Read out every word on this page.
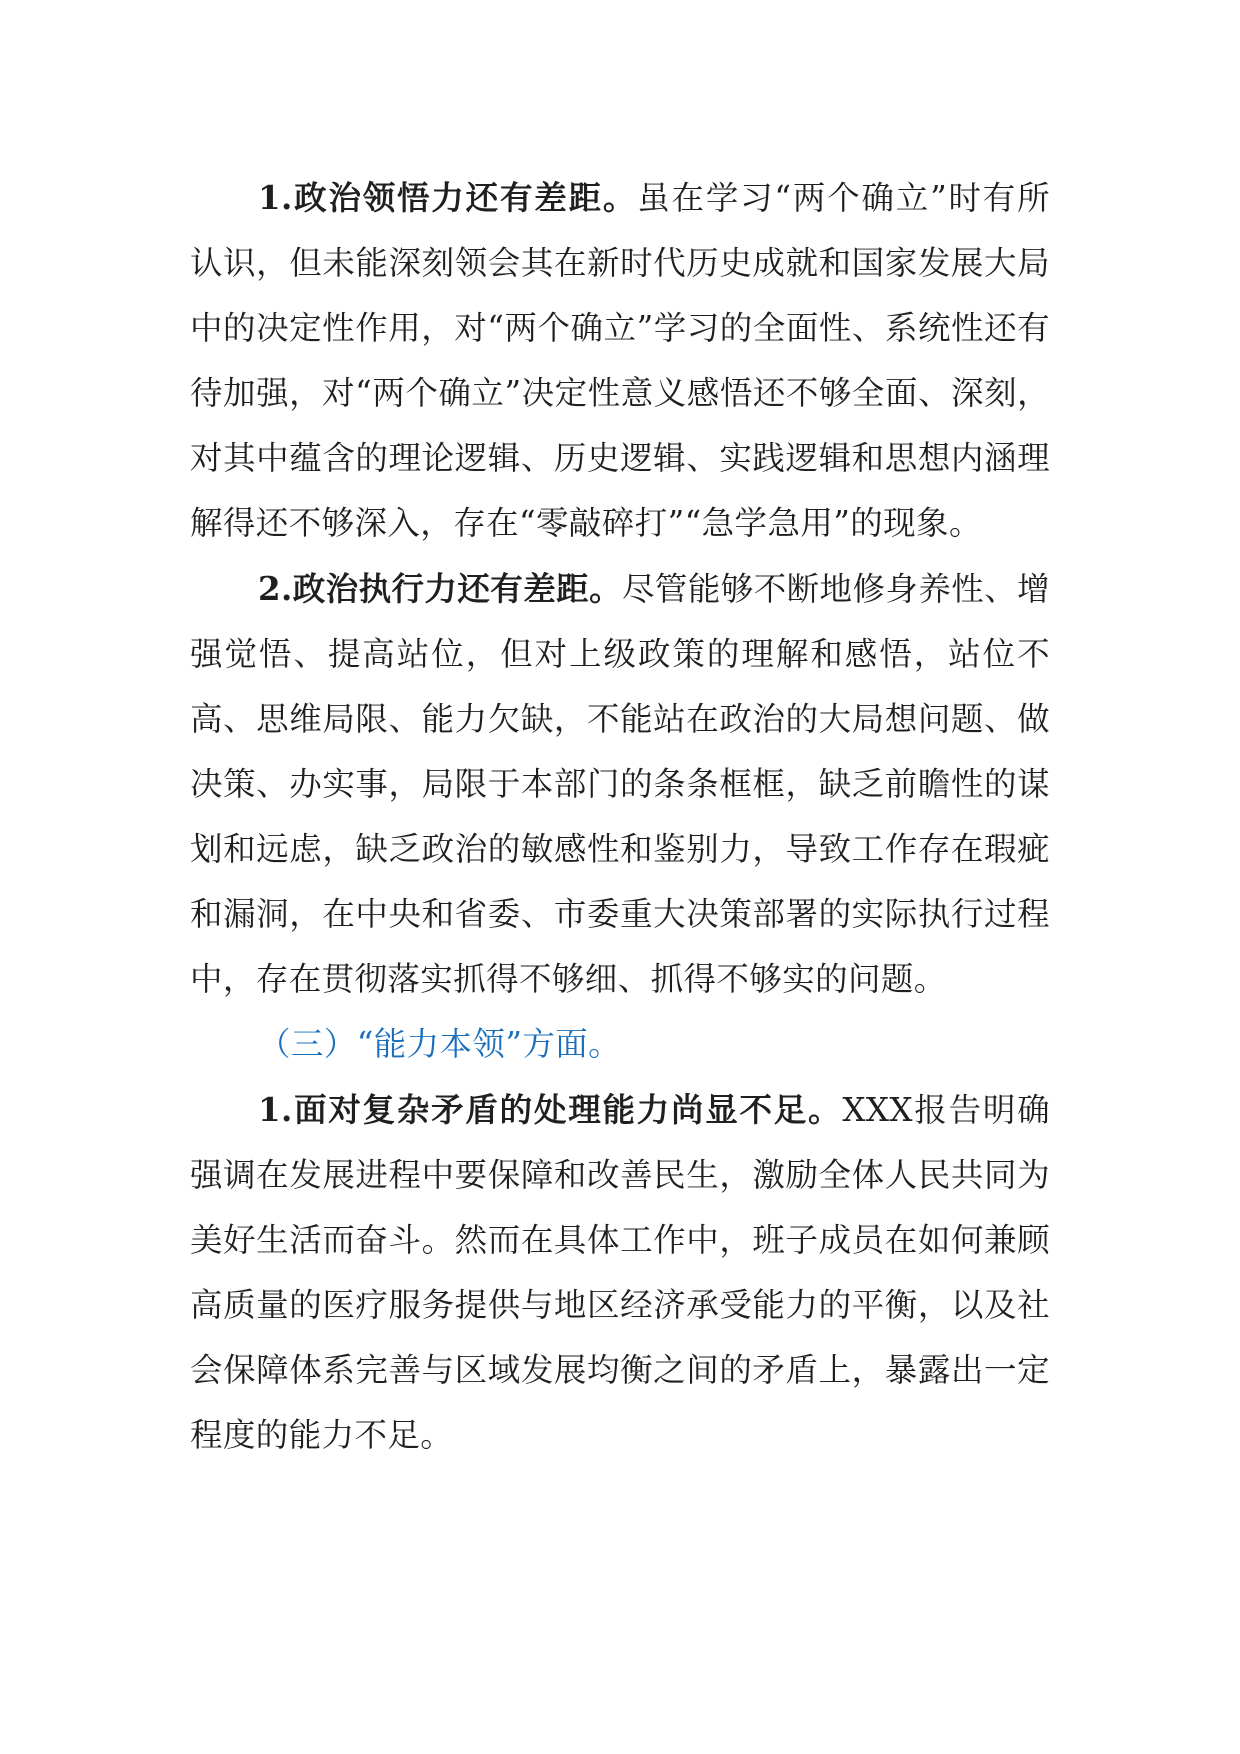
1.政治领悟力还有差距。虽在学习“两个确立”时有所认识，但未能深刻领会其在新时代历史成就和国家发展大局中的决定性作用，对“两个确立”学习的全面性、系统性还有待加强，对“两个确立”决定性意义感悟还不够全面、深刻，对其中蕴含的理论逻辑、历史逻辑、实践逻辑和思想内涵理解得还不够深入，存在“零敲碎打”“急学急用”的现象。

2.政治执行力还有差距。尽管能够不断地修身养性、增强觉悟、提高站位，但对上级政策的理解和感悟，站位不高、思维局限、能力欠缺，不能站在政治的大局想问题、做决策、办实事，局限于本部门的条条框框，缺乏前瞻性的谋划和远虑，缺乏政治的敏感性和鉴别力，导致工作存在瑕疵和漏洞，在中央和省委、市委重大决策部署的实际执行过程中，存在贯彻落实抓得不够细、抓得不够实的问题。

（三）“能力本领”方面。

1.面对复杂矛盾的处理能力尚显不足。XXX报告明确强调在发展进程中要保障和改善民生，激励全体人民共同为美好生活而奋斗。然而在具体工作中，班子成员在如何兼顾高质量的医疗服务提供与地区经济承受能力的平衡，以及社会保障体系完善与区域发展均衡之间的矛盾上，暴露出一定程度的能力不足。
